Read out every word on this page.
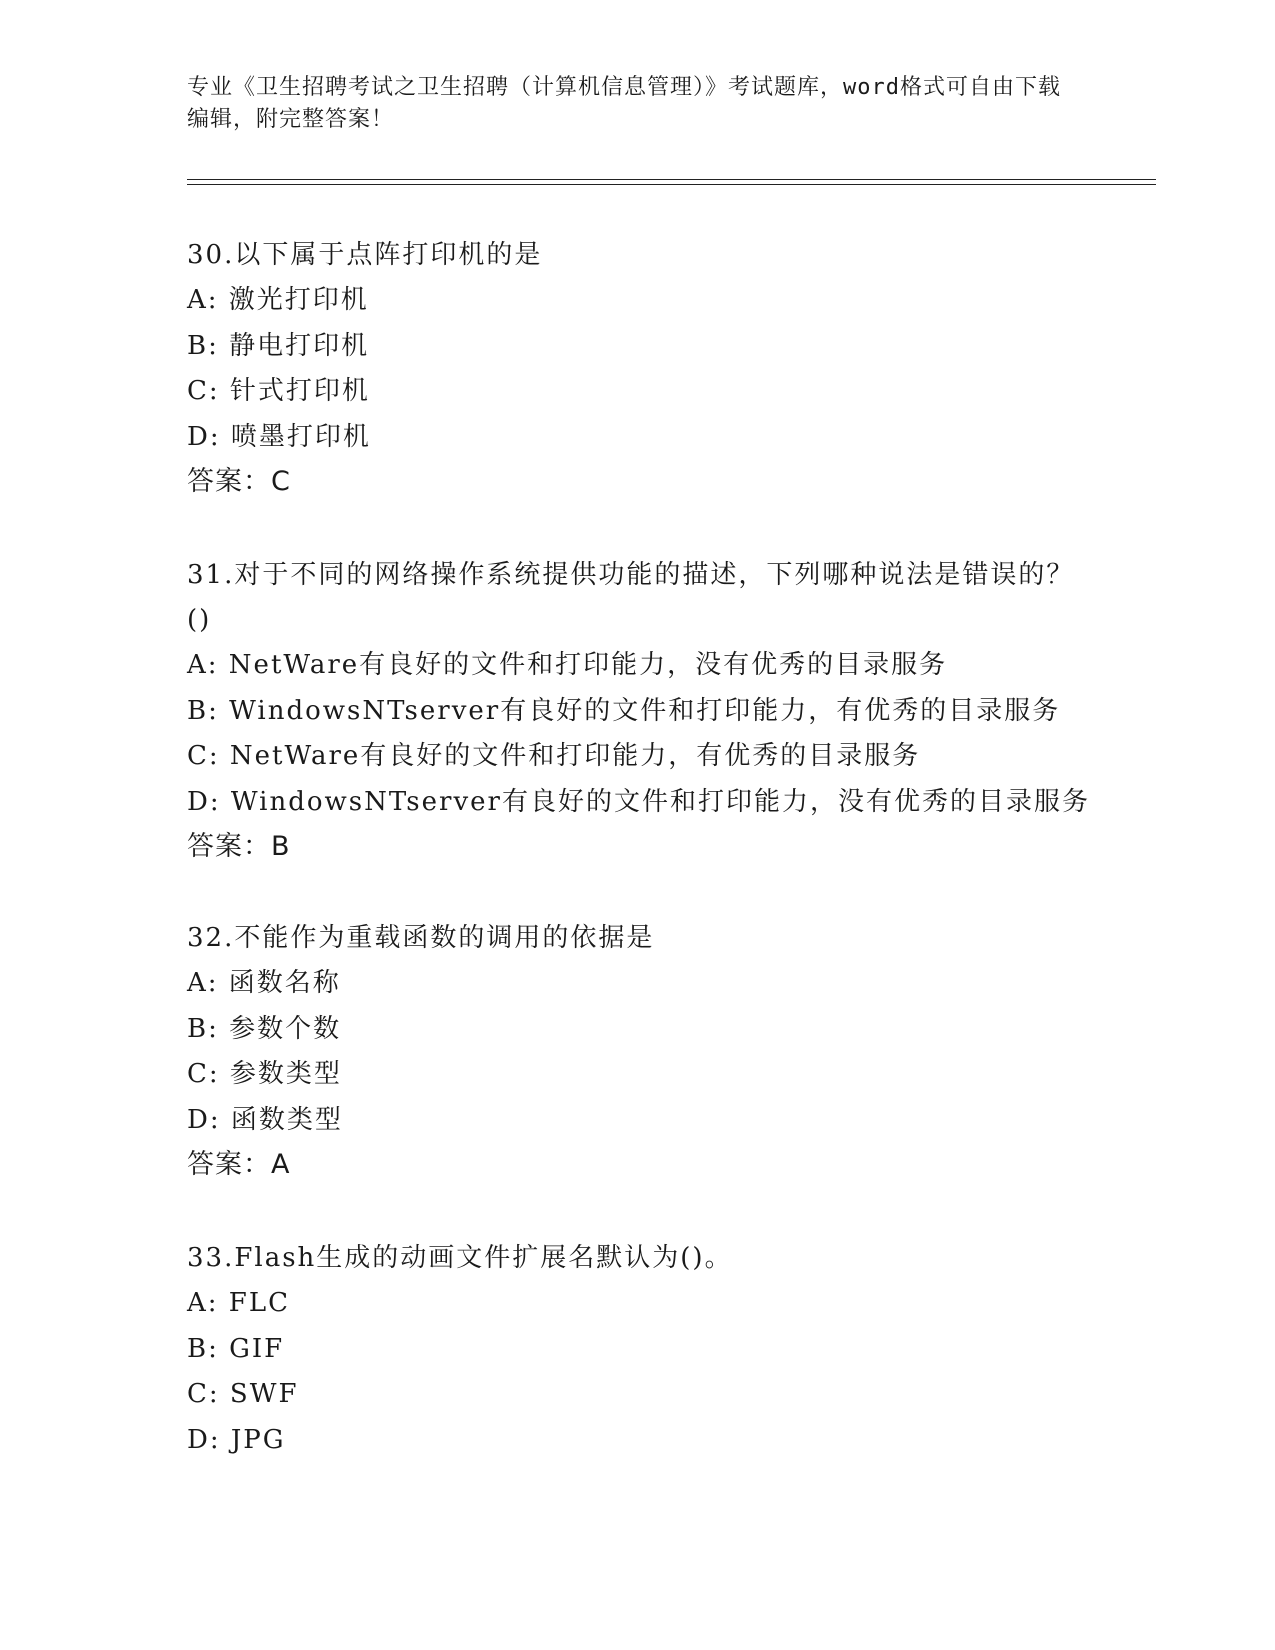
专业《卫生招聘考试之卫生招聘（计算机信息管理）》考试题库，word格式可自由下载编辑，附完整答案！

30.以下属于点阵打印机的是

A: 激光打印机

B: 静电打印机

C: 针式打印机

D: 喷墨打印机

答案：C

31.对于不同的网络操作系统提供功能的描述，下列哪种说法是错误的？()

A: NetWare有良好的文件和打印能力，没有优秀的目录服务

B: WindowsNTserver有良好的文件和打印能力，有优秀的目录服务

C: NetWare有良好的文件和打印能力，有优秀的目录服务

D: WindowsNTserver有良好的文件和打印能力，没有优秀的目录服务

答案：B

32.不能作为重载函数的调用的依据是

A: 函数名称

B: 参数个数

C: 参数类型

D: 函数类型

答案：A

33.Flash生成的动画文件扩展名默认为()。

A: FLC

B: GIF

C: SWF

D: JPG
